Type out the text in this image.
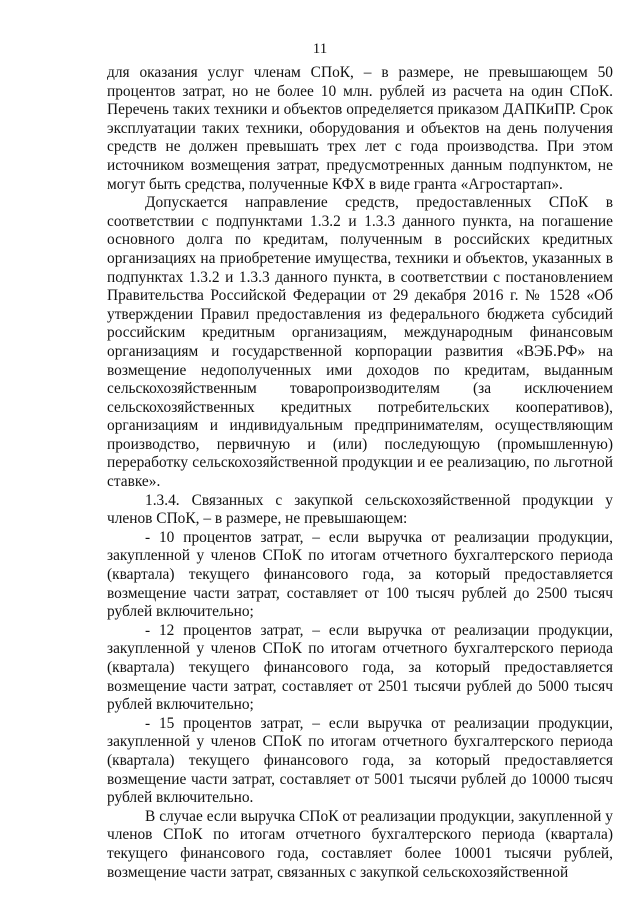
11

для оказания услуг членам СПоК, – в размере, не превышающем 50 процентов затрат, но не более 10 млн. рублей из расчета на один СПоК. Перечень таких техники и объектов определяется приказом ДАПКиПР. Срок эксплуатации таких техники, оборудования и объектов на день получения средств не должен превышать трех лет с года производства. При этом источником возмещения затрат, предусмотренных данным подпунктом, не могут быть средства, полученные КФХ в виде гранта «Агростартап».

Допускается направление средств, предоставленных СПоК в соответствии с подпунктами 1.3.2 и 1.3.3 данного пункта, на погашение основного долга по кредитам, полученным в российских кредитных организациях на приобретение имущества, техники и объектов, указанных в подпунктах 1.3.2 и 1.3.3 данного пункта, в соответствии с постановлением Правительства Российской Федерации от 29 декабря 2016 г. № 1528 «Об утверждении Правил предоставления из федерального бюджета субсидий российским кредитным организациям, международным финансовым организациям и государственной корпорации развития «ВЭБ.РФ» на возмещение недополученных ими доходов по кредитам, выданным сельскохозяйственным товаропроизводителям (за исключением сельскохозяйственных кредитных потребительских кооперативов), организациям и индивидуальным предпринимателям, осуществляющим производство, первичную и (или) последующую (промышленную) переработку сельскохозяйственной продукции и ее реализацию, по льготной ставке».

1.3.4. Связанных с закупкой сельскохозяйственной продукции у членов СПоК, – в размере, не превышающем:

- 10 процентов затрат, – если выручка от реализации продукции, закупленной у членов СПоК по итогам отчетного бухгалтерского периода (квартала) текущего финансового года, за который предоставляется возмещение части затрат, составляет от 100 тысяч рублей до 2500 тысяч рублей включительно;

- 12 процентов затрат, – если выручка от реализации продукции, закупленной у членов СПоК по итогам отчетного бухгалтерского периода (квартала) текущего финансового года, за который предоставляется возмещение части затрат, составляет от 2501 тысячи рублей до 5000 тысяч рублей включительно;

- 15 процентов затрат, – если выручка от реализации продукции, закупленной у членов СПоК по итогам отчетного бухгалтерского периода (квартала) текущего финансового года, за который предоставляется возмещение части затрат, составляет от 5001 тысячи рублей до 10000 тысяч рублей включительно.

В случае если выручка СПоК от реализации продукции, закупленной у членов СПоК по итогам отчетного бухгалтерского периода (квартала) текущего финансового года, составляет более 10001 тысячи рублей, возмещение части затрат, связанных с закупкой сельскохозяйственной
